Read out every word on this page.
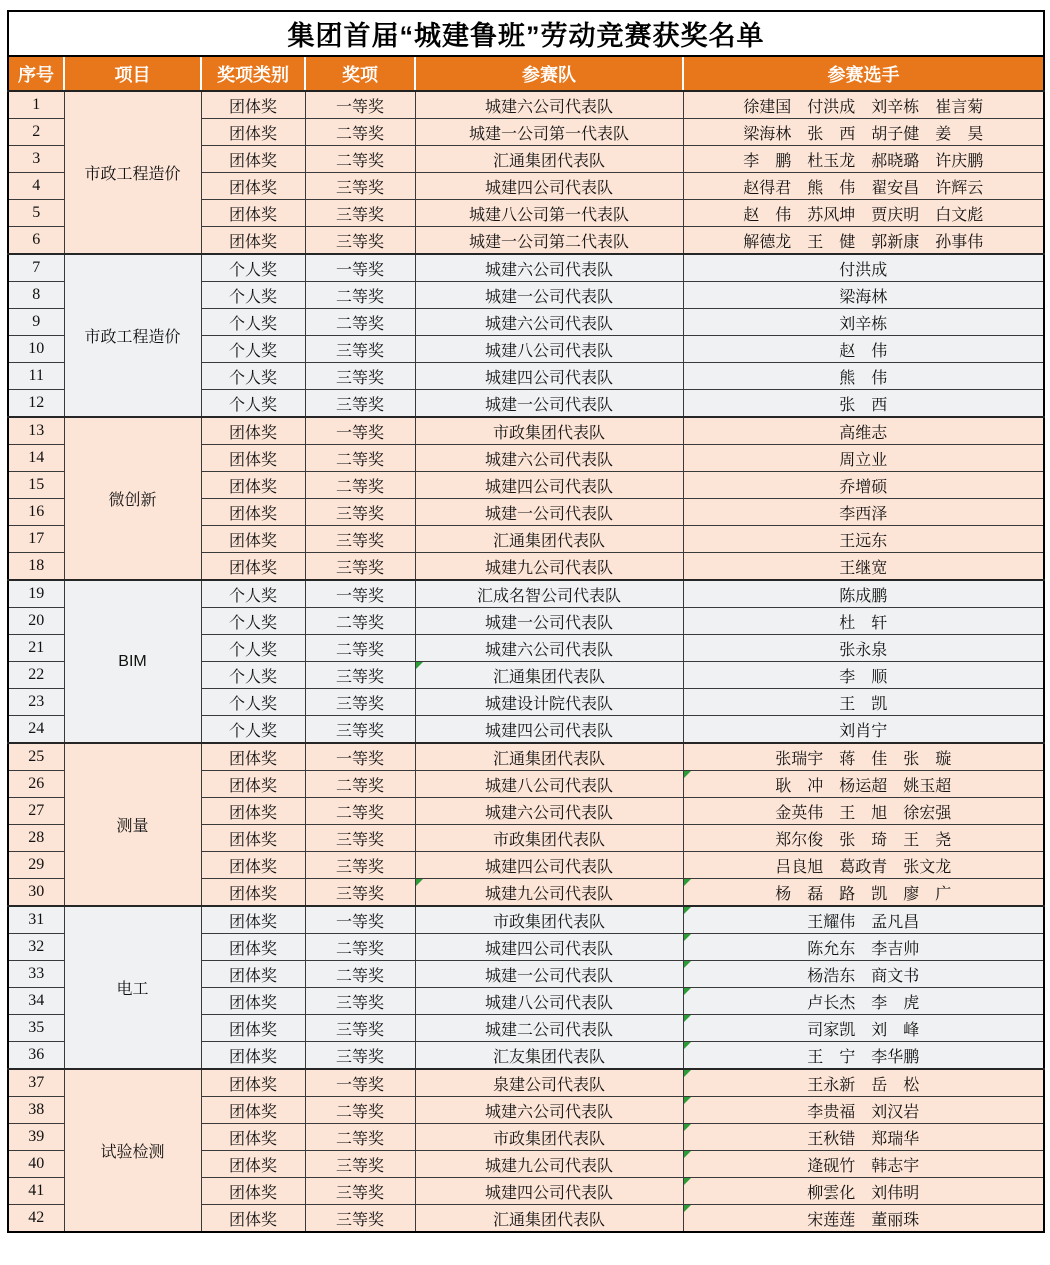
集团首届“城建鲁班”劳动竞赛获奖名单					
序号	项目	奖项类别	奖项	参赛队	参赛选手
1	市政工程造价	团体奖	一等奖	城建六公司代表队	徐建国　付洪成　刘辛栋　崔言菊
2		团体奖	二等奖	城建一公司第一代表队	梁海林　张　西　胡子健　姜　昊
3		团体奖	二等奖	汇通集团代表队	李　鹏　杜玉龙　郝晓璐　许庆鹏
4		团体奖	三等奖	城建四公司代表队	赵得君　熊　伟　翟安昌　许辉云
5		团体奖	三等奖	城建八公司第一代表队	赵　伟　苏风坤　贾庆明　白文彪
6		团体奖	三等奖	城建一公司第二代表队	解德龙　王　健　郭新康　孙事伟
7	市政工程造价	个人奖	一等奖	城建六公司代表队	付洪成
8		个人奖	二等奖	城建一公司代表队	梁海林
9		个人奖	二等奖	城建六公司代表队	刘辛栋
10		个人奖	三等奖	城建八公司代表队	赵　伟
11		个人奖	三等奖	城建四公司代表队	熊　伟
12		个人奖	三等奖	城建一公司代表队	张　西
13	微创新	团体奖	一等奖	市政集团代表队	高维志
14		团体奖	二等奖	城建六公司代表队	周立业
15		团体奖	二等奖	城建四公司代表队	乔增硕
16		团体奖	三等奖	城建一公司代表队	李西泽
17		团体奖	三等奖	汇通集团代表队	王远东
18		团体奖	三等奖	城建九公司代表队	王继宽
19	BIM	个人奖	一等奖	汇成名智公司代表队	陈成鹏
20		个人奖	二等奖	城建一公司代表队	杜　轩
21		个人奖	二等奖	城建六公司代表队	张永泉
22		个人奖	三等奖	汇通集团代表队	李　顺
23		个人奖	三等奖	城建设计院代表队	王　凯
24		个人奖	三等奖	城建四公司代表队	刘肖宁
25	测量	团体奖	一等奖	汇通集团代表队	张瑞宇　蒋　佳　张　璇
26		团体奖	二等奖	城建八公司代表队	耿　冲　杨运超　姚玉超
27		团体奖	二等奖	城建六公司代表队	金英伟　王　旭　徐宏强
28		团体奖	三等奖	市政集团代表队	郑尔俊　张　琦　王　尧
29		团体奖	三等奖	城建四公司代表队	吕良旭　葛政青　张文龙
30		团体奖	三等奖	城建九公司代表队	杨　磊　路　凯　廖　广
31	电工	团体奖	一等奖	市政集团代表队	王耀伟　孟凡昌
32		团体奖	二等奖	城建四公司代表队	陈允东　李吉帅
33		团体奖	二等奖	城建一公司代表队	杨浩东　商文书
34		团体奖	三等奖	城建八公司代表队	卢长杰　李　虎
35		团体奖	三等奖	城建二公司代表队	司家凯　刘　峰
36		团体奖	三等奖	汇友集团代表队	王　宁　李华鹏
37	试验检测	团体奖	一等奖	泉建公司代表队	王永新　岳　松
38		团体奖	二等奖	城建六公司代表队	李贵福　刘汉岩
39		团体奖	二等奖	市政集团代表队	王秋错　郑瑞华
40		团体奖	三等奖	城建九公司代表队	逄砚竹　韩志宇
41		团体奖	三等奖	城建四公司代表队	柳雲化　刘伟明
42		团体奖	三等奖	汇通集团代表队	宋莲莲　董丽珠
